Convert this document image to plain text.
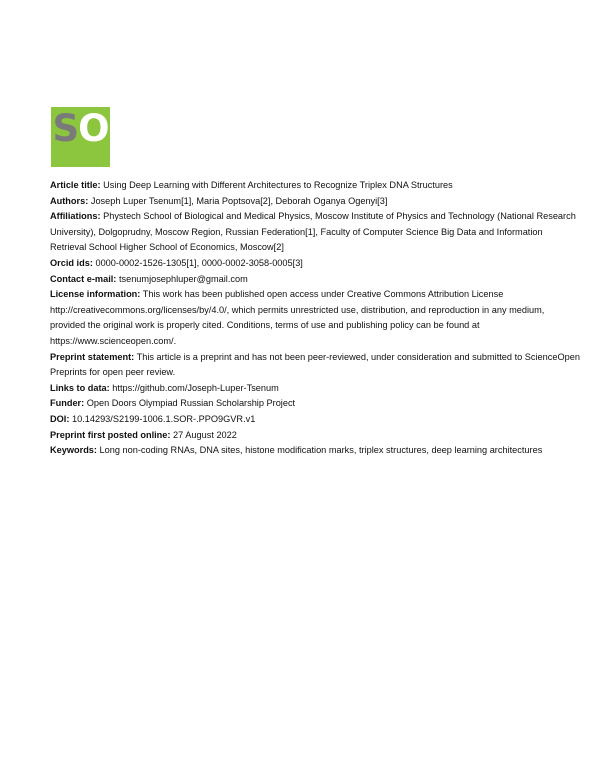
SO

Article title: Using Deep Learning with Different Architectures to Recognize Triplex DNA Structures

Authors: Joseph Luper Tsenum[1], Maria Poptsova[2], Deborah Oganya Ogenyi[3]

Affiliations: Phystech School of Biological and Medical Physics, Moscow Institute of Physics and Technology (National Research University), Dolgoprudny, Moscow Region, Russian Federation[1], Faculty of Computer Science Big Data and Information Retrieval School Higher School of Economics, Moscow[2]

Orcid ids: 0000-0002-1526-1305[1], 0000-0002-3058-0005[3]

Contact e-mail: tsenumjosephluper@gmail.com

License information: This work has been published open access under Creative Commons Attribution License http://creativecommons.org/licenses/by/4.0/, which permits unrestricted use, distribution, and reproduction in any medium, provided the original work is properly cited. Conditions, terms of use and publishing policy can be found at https://www.scienceopen.com/.

Preprint statement: This article is a preprint and has not been peer-reviewed, under consideration and submitted to ScienceOpen Preprints for open peer review.

Links to data: https://github.com/Joseph-Luper-Tsenum

Funder: Open Doors Olympiad Russian Scholarship Project

DOI: 10.14293/S2199-1006.1.SOR-.PPO9GVR.v1

Preprint first posted online: 27 August 2022

Keywords: Long non-coding RNAs, DNA sites, histone modification marks, triplex structures, deep learning architectures
